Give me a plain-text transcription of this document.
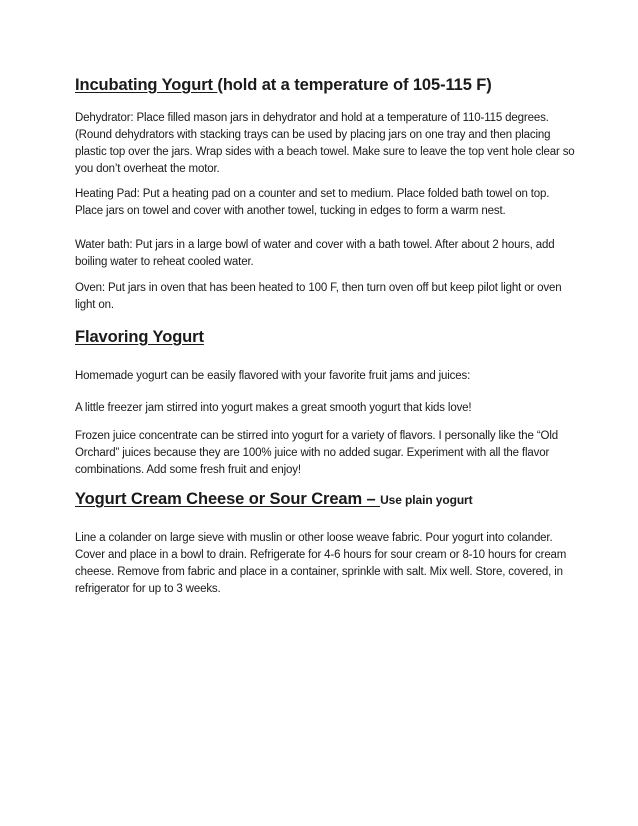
Incubating Yogurt (hold at a temperature of 105-115 F)

Dehydrator: Place filled mason jars in dehydrator and hold at a temperature of 110-115 degrees. (Round dehydrators with stacking trays can be used by placing jars on one tray and then placing plastic top over the jars. Wrap sides with a beach towel. Make sure to leave the top vent hole clear so you don’t overheat the motor.

Heating Pad: Put a heating pad on a counter and set to medium. Place folded bath towel on top. Place jars on towel and cover with another towel, tucking in edges to form a warm nest.

Water bath: Put jars in a large bowl of water and cover with a bath towel. After about 2 hours, add boiling water to reheat cooled water.

Oven: Put jars in oven that has been heated to 100 F, then turn oven off but keep pilot light or oven light on.

Flavoring Yogurt

Homemade yogurt can be easily flavored with your favorite fruit jams and juices:

A little freezer jam stirred into yogurt makes a great smooth yogurt that kids love!

Frozen juice concentrate can be stirred into yogurt for a variety of flavors. I personally like the “Old Orchard” juices because they are 100% juice with no added sugar. Experiment with all the flavor combinations. Add some fresh fruit and enjoy!

Yogurt Cream Cheese or Sour Cream – Use plain yogurt

Line a colander on large sieve with muslin or other loose weave fabric. Pour yogurt into colander. Cover and place in a bowl to drain. Refrigerate for 4-6 hours for sour cream or 8-10 hours for cream cheese. Remove from fabric and place in a container, sprinkle with salt. Mix well. Store, covered, in refrigerator for up to 3 weeks.
